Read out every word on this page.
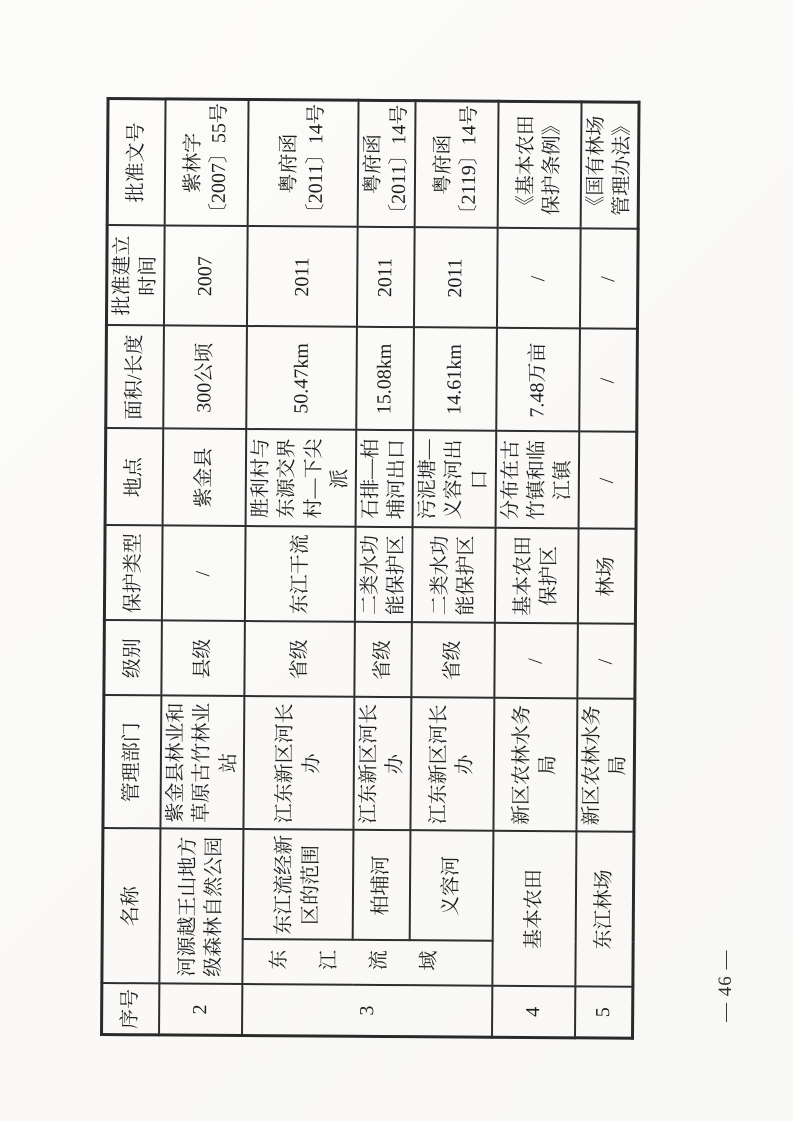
序号	名称		管理部门	级别	保护类型	地点	面积/长度	批准建立
时间	批准文号
2	河源越王山地方
级森林自然公园		紫金县林业和
草原古竹林业
站	县级	/	紫金县	300公顷	2007	紫林字
〔2007〕55号
3	东江流域	东江流经新
区的范围	江东新区河长
办	省级	东江干流	胜利村与
东源交界
村—下尖
派	50.47km	2011	粤府函
〔2011〕14号
		柏埔河	江东新区河长
办	省级	二类水功
能保护区	石排—柏
埔河出口	15.08km	2011	粤府函
〔2011〕14号
		义容河	江东新区河长
办	省级	二类水功
能保护区	污泥塘—
义容河出
口	14.61km	2011	粤府函
〔2119〕14号
4	基本农田		新区农林水务
局	/	基本农田
保护区	分布在古
竹镇和临
江镇	7.48万亩	/	《基本农田
保护条例》
5	东江林场		新区农林水务
局	/	林场	/	/	/	《国有林场
管理办法》
— 46 —
